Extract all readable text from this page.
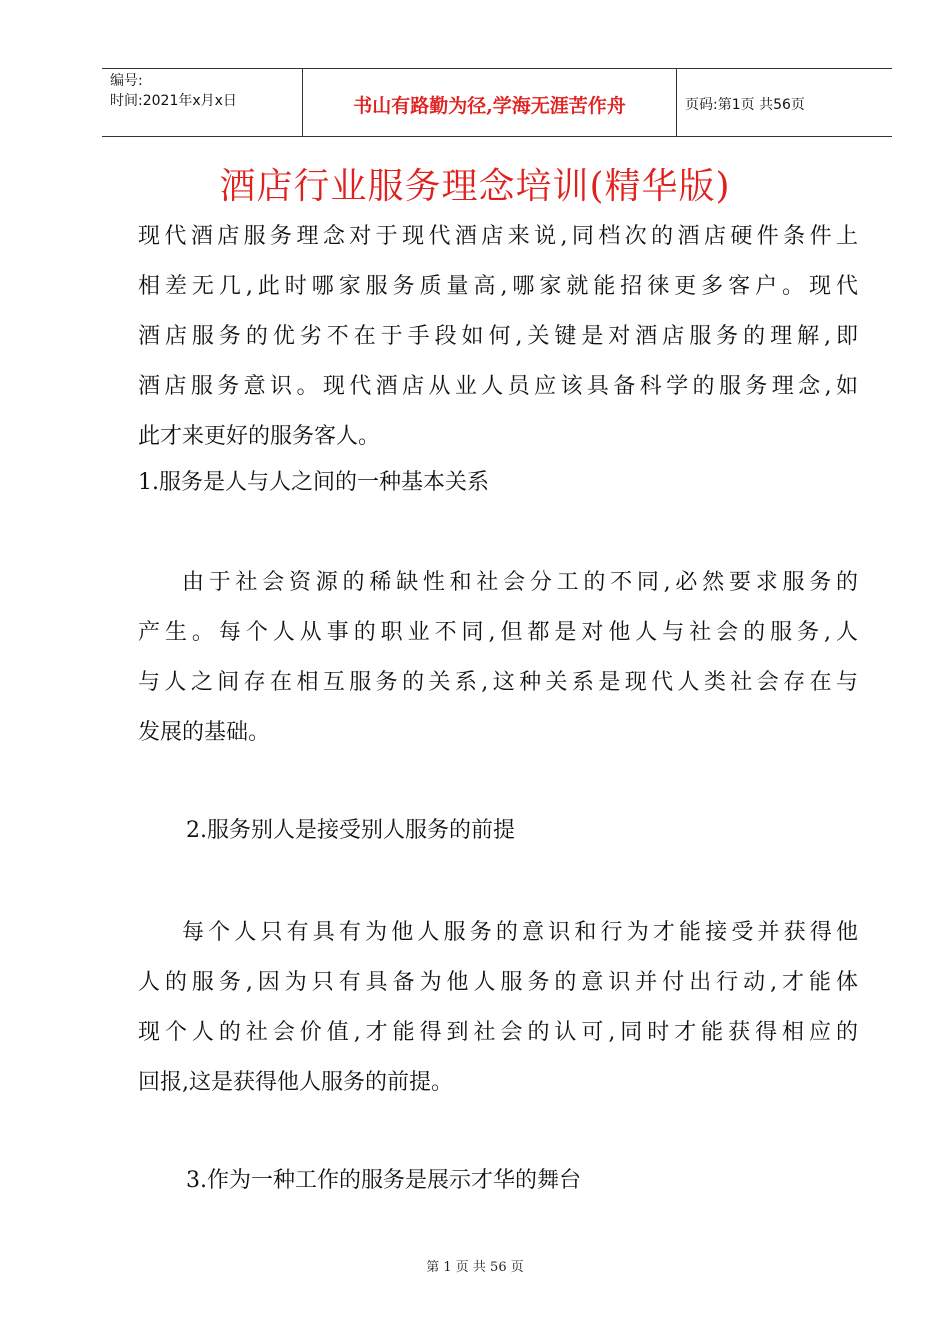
编号:
时间:2021年x月x日	书山有路勤为径,学海无涯苦作舟	页码:第1页 共56页
酒店行业服务理念培训(精华版)
现代酒店服务理念对于现代酒店来说,同档次的酒店硬件条件上
相差无几,此时哪家服务质量高,哪家就能招徕更多客户。现代
酒店服务的优劣不在于手段如何,关键是对酒店服务的理解,即
酒店服务意识。现代酒店从业人员应该具备科学的服务理念,如
此才来更好的服务客人。
1.服务是人与人之间的一种基本关系
由于社会资源的稀缺性和社会分工的不同,必然要求服务的
产生。每个人从事的职业不同,但都是对他人与社会的服务,人
与人之间存在相互服务的关系,这种关系是现代人类社会存在与
发展的基础。
2.服务别人是接受别人服务的前提
每个人只有具有为他人服务的意识和行为才能接受并获得他
人的服务,因为只有具备为他人服务的意识并付出行动,才能体
现个人的社会价值,才能得到社会的认可,同时才能获得相应的
回报,这是获得他人服务的前提。
3.作为一种工作的服务是展示才华的舞台
第 1 页 共 56 页
